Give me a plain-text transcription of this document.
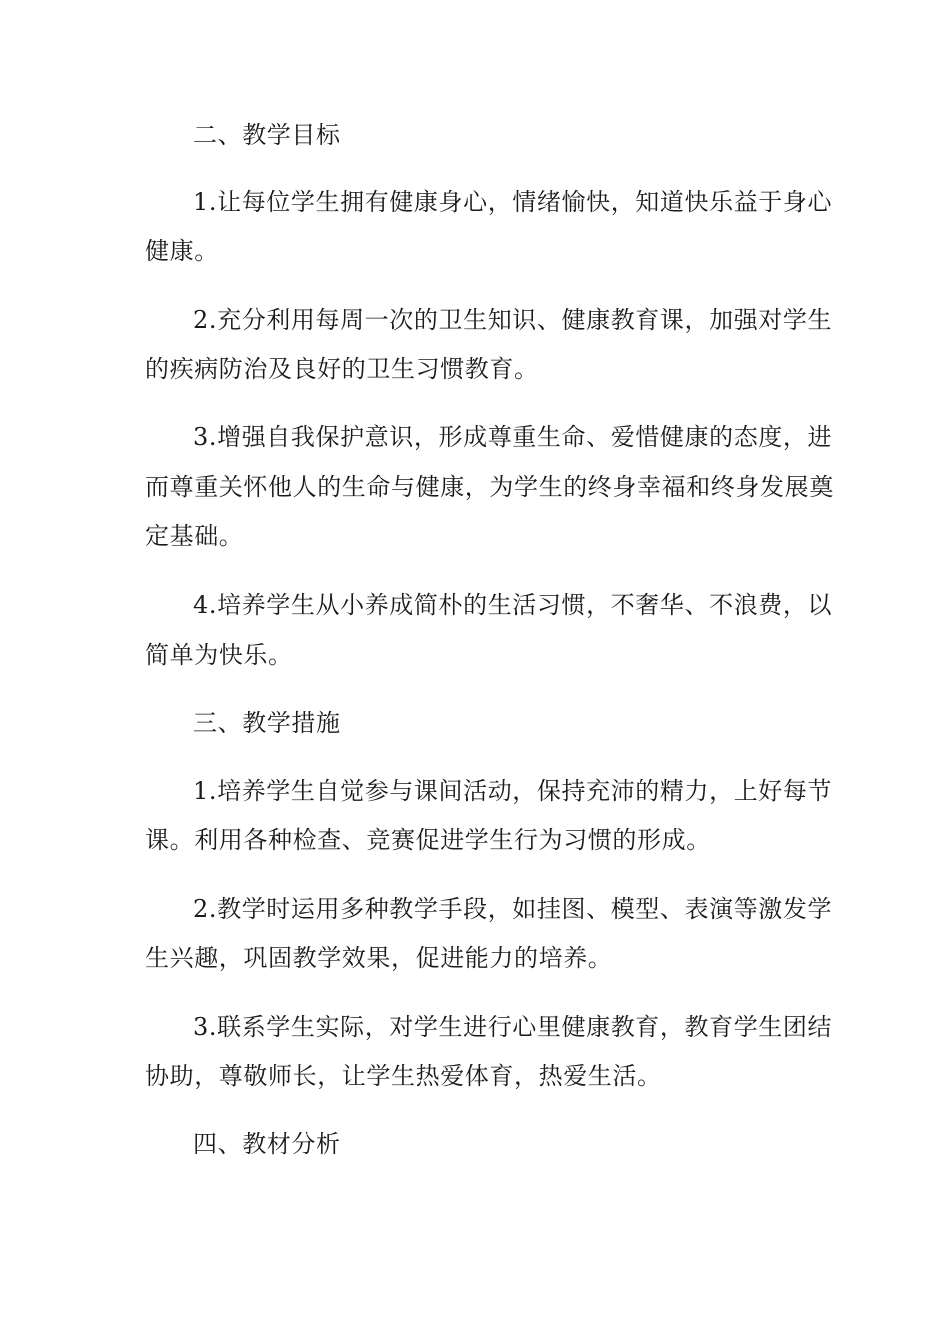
二、教学目标
1.让每位学生拥有健康身心，情绪愉快，知道快乐益于身心
健康。
2.充分利用每周一次的卫生知识、健康教育课，加强对学生
的疾病防治及良好的卫生习惯教育。
3.增强自我保护意识，形成尊重生命、爱惜健康的态度，进
而尊重关怀他人的生命与健康，为学生的终身幸福和终身发展奠
定基础。
4.培养学生从小养成简朴的生活习惯，不奢华、不浪费，以
简单为快乐。
三、教学措施
1.培养学生自觉参与课间活动，保持充沛的精力，上好每节
课。利用各种检查、竞赛促进学生行为习惯的形成。
2.教学时运用多种教学手段，如挂图、模型、表演等激发学
生兴趣，巩固教学效果，促进能力的培养。
3.联系学生实际，对学生进行心里健康教育，教育学生团结
协助，尊敬师长，让学生热爱体育，热爱生活。
四、教材分析
